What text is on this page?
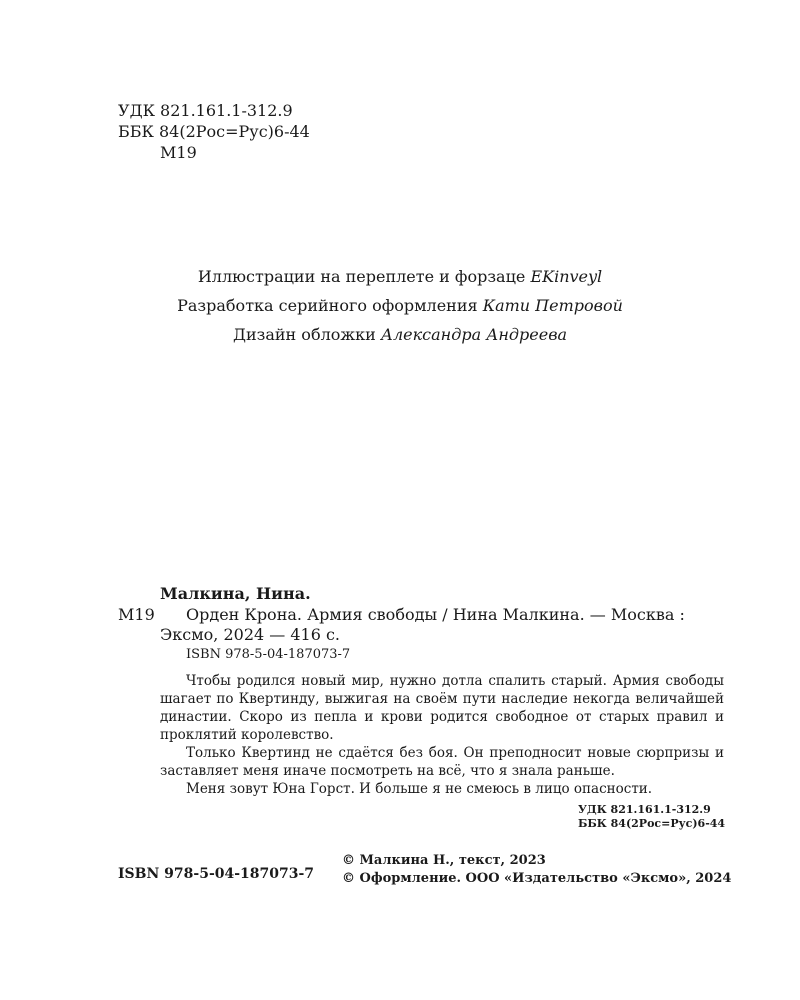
УДК 821.161.1-312.9
ББК 84(2Рос=Рус)6-44
М19
Иллюстрации на переплете и форзаце EKinveyl
Разработка серийного оформления Кати Петровой
Дизайн обложки Александра Андреева
Малкина, Нина.
М19 Орден Крона. Армия свободы / Нина Малкина. — Москва :
Эксмо, 2024 — 416 с.
ISBN 978-5-04-187073-7

Чтобы родился новый мир, нужно дотла спалить старый. Армия свободы шагает по Квертинду, выжигая на своём пути наследие некогда величайшей династии. Скоро из пепла и крови родится свободное от старых правил и проклятий королевство.

Только Квертинд не сдаётся без боя. Он преподносит новые сюрпризы и заставляет меня иначе посмотреть на всё, что я знала раньше.

Меня зовут Юна Горст. И больше я не смеюсь в лицо опасности.

УДК 821.161.1-312.9
ББК 84(2Рос=Рус)6-44
ISBN 978-5-04-187073-7
© Малкина Н., текст, 2023
© Оформление. ООО «Издательство «Эксмо», 2024
